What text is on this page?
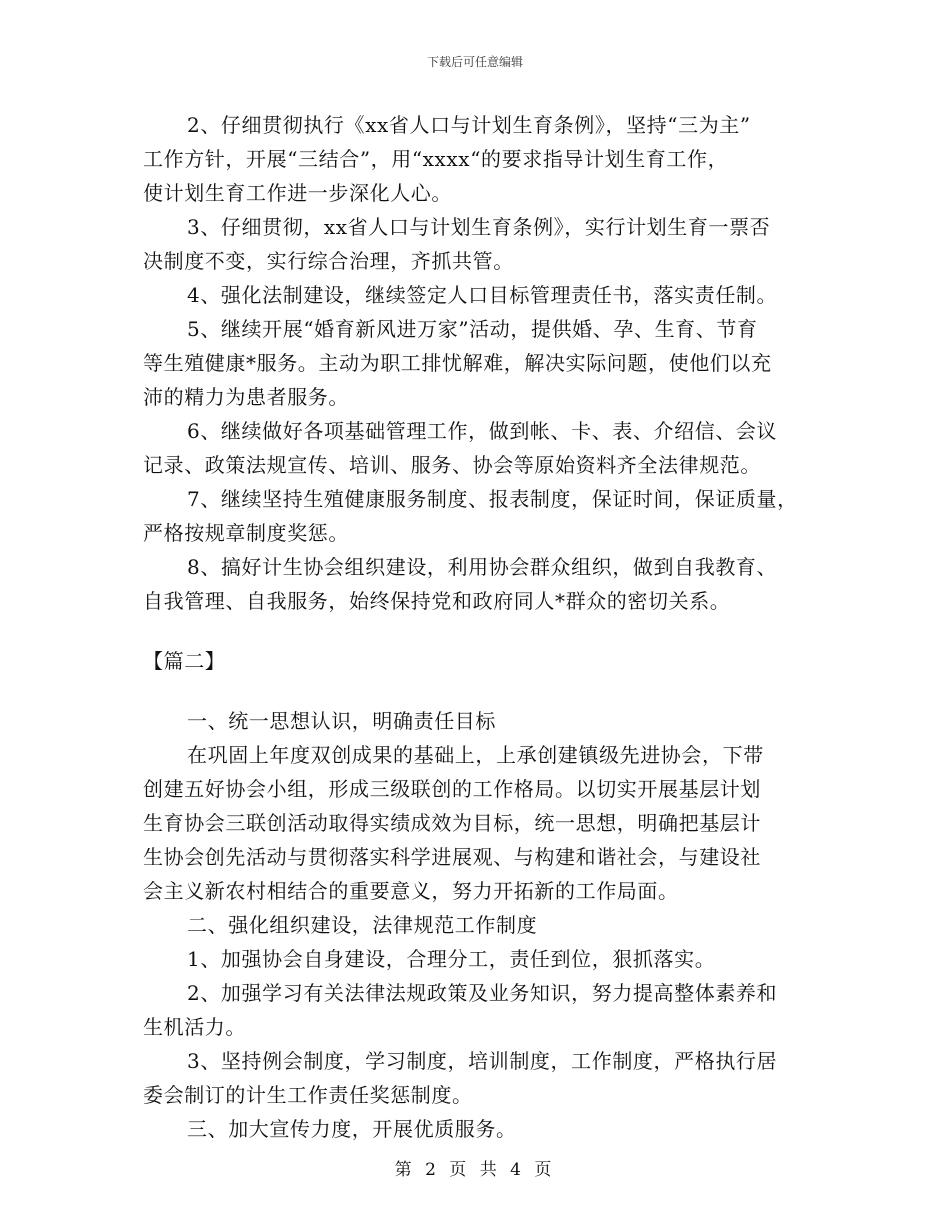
下载后可任意编辑

2、仔细贯彻执行《xx省人口与计划生育条例》，坚持“三为主”

工作方针，开展“三结合”，用“xxxx“的要求指导计划生育工作，

使计划生育工作进一步深化人心。

3、仔细贯彻，xx省人口与计划生育条例》，实行计划生育一票否

决制度不变，实行综合治理，齐抓共管。

4、强化法制建设，继续签定人口目标管理责任书，落实责任制。

5、继续开展“婚育新风进万家”活动，提供婚、孕、生育、节育

等生殖健康*服务。主动为职工排忧解难，解决实际问题，使他们以充

沛的精力为患者服务。

6、继续做好各项基础管理工作，做到帐、卡、表、介绍信、会议

记录、政策法规宣传、培训、服务、协会等原始资料齐全法律规范。

7、继续坚持生殖健康服务制度、报表制度，保证时间，保证质量，

严格按规章制度奖惩。

8、搞好计生协会组织建设，利用协会群众组织，做到自我教育、

自我管理、自我服务，始终保持党和政府同人*群众的密切关系。

【篇二】

一、统一思想认识，明确责任目标

在巩固上年度双创成果的基础上，上承创建镇级先进协会，下带

创建五好协会小组，形成三级联创的工作格局。以切实开展基层计划

生育协会三联创活动取得实绩成效为目标，统一思想，明确把基层计

生协会创先活动与贯彻落实科学进展观、与构建和谐社会，与建设社

会主义新农村相结合的重要意义，努力开拓新的工作局面。

二、强化组织建设，法律规范工作制度

1、加强协会自身建设，合理分工，责任到位，狠抓落实。

2、加强学习有关法律法规政策及业务知识，努力提高整体素养和

生机活力。

3、坚持例会制度，学习制度，培训制度，工作制度，严格执行居

委会制订的计生工作责任奖惩制度。

三、加大宣传力度，开展优质服务。

第 2 页 共 4 页
